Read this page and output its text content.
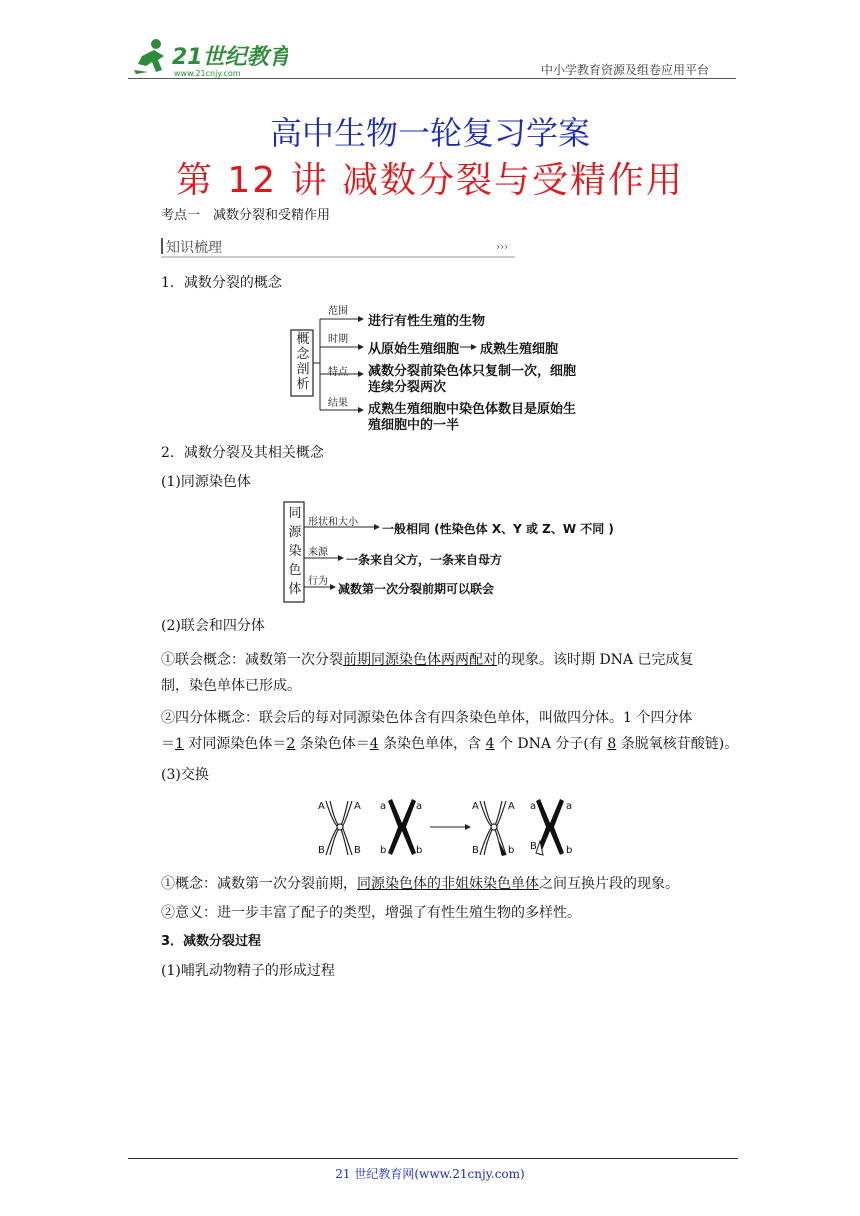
21世纪教育
www.21cnjy.com	中小学教育资源及组卷应用平台
高中生物一轮复习学案
第 12 讲 减数分裂与受精作用
考点一　减数分裂和受精作用
知识梳理	›››
1．减数分裂的概念
概
念
剖
析
范围
时期
特点
结果
进行有性生殖的生物
从原始生殖细胞 成熟生殖细胞
减数分裂前染色体只复制一次，细胞
连续分裂两次
成熟生殖细胞中染色体数目是原始生
殖细胞中的一半
2．减数分裂及其相关概念
(1)同源染色体
同
源
染
色
体
形状和大小
来源
行为
一般相同 (性染色体 X、Y 或 Z、W 不同 )
一条来自父方，一条来自母方
减数第一次分裂前期可以联会
(2)联会和四分体
①联会概念：减数第一次分裂前期同源染色体两两配对的现象。该时期 DNA 已完成复
制，染色单体已形成。
②四分体概念：联会后的每对同源染色体含有四条染色单体，叫做四分体。1 个四分体
＝1 对同源染色体＝2 条染色体＝4 条染色单体，含 4 个 DNA 分子(有 8 条脱氧核苷酸链)。
(3)交换
A	A a	a
B	B b	b
A	A a	a
B	b B	b
①概念：减数第一次分裂前期，同源染色体的非姐妹染色单体之间互换片段的现象。
②意义：进一步丰富了配子的类型，增强了有性生殖生物的多样性。
3．减数分裂过程
(1)哺乳动物精子的形成过程
21 世纪教育网(www.21cnjy.com)
